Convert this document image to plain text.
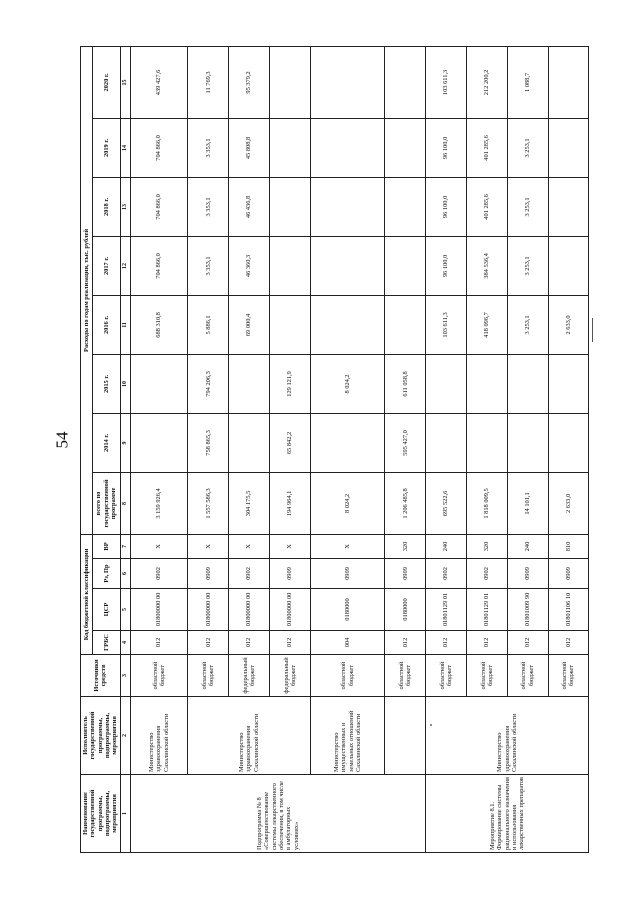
54
Наименование государственной программы, подпрограммы, мероприятия	Исполнитель государственной программы, подпрограммы, мероприятия	Источники средств	Код бюджетной классификации				Расходы по годам реализации, тыс. рублей							
			ГРБС	ЦСР	Рз, Пр	ВР	всего по государственной программе	2014 г.	2015 г.	2016 г.	2017 г.	2018 г.	2019 г.	2020 г.
1	2	3	4	5	6	7	8	9	10	11	12	13	14	15
Подпрограмма № 8 «Совершенствование системы лекарственного обеспечения, в том числе в амбулаторных условиях»	Министерство здравоохранения Сахалинской области	областной бюджет	012	01800000 00	0902	Х	3 159 926,4			688 310,8	704 866,0	704 866,0	704 866,0	439 427,6
	Министерство здравоохранения Сахалинской области	областной бюджет	012	01800000 00	0909	Х	1 557 586,3	758 865,3	794 206,3	5 886,1	3 353,1	3 353,1	3 353,1	11 769,3
		федеральный бюджет	012	01800000 00	0902	Х	304 175,5			69 000,4	46 360,3	46 436,8	45 808,8	95 379,2
		федеральный бюджет	012	01800000 00	0909	Х	194 964,1	65 842,2	129 121,9					
	Министерство имущественных и земельных отношений Сахалинской области	областной бюджет	004	0180000	0909	Х	8 024,2		8 024,2					
		областной бюджет	012	0180000	0909	320	1 206 485,8	595 427,0	611 058,8					
Мероприятие 8.1. Формирование системы рационального назначения и использования лекарственных препаратов	Министерство здравоохранения Сахалинской области	областной бюджет	012	01801129 01	0902	240	695 522,6			103 611,3	96 100,0	96 100,0	96 100,0	103 611,3
		областной бюджет	012	01801129 01	0902	320	1 818 009,5			418 096,7	384 536,4	401 285,6	401 285,6	212 200,2
		областной бюджет	012	01801009 90	0909	240	14 101,1			3 253,1	3 253,1	3 253,1	3 253,1	1 088,7
		областной бюджет	012	01801106 10	0909	810	2 633,0			2 633,0				
